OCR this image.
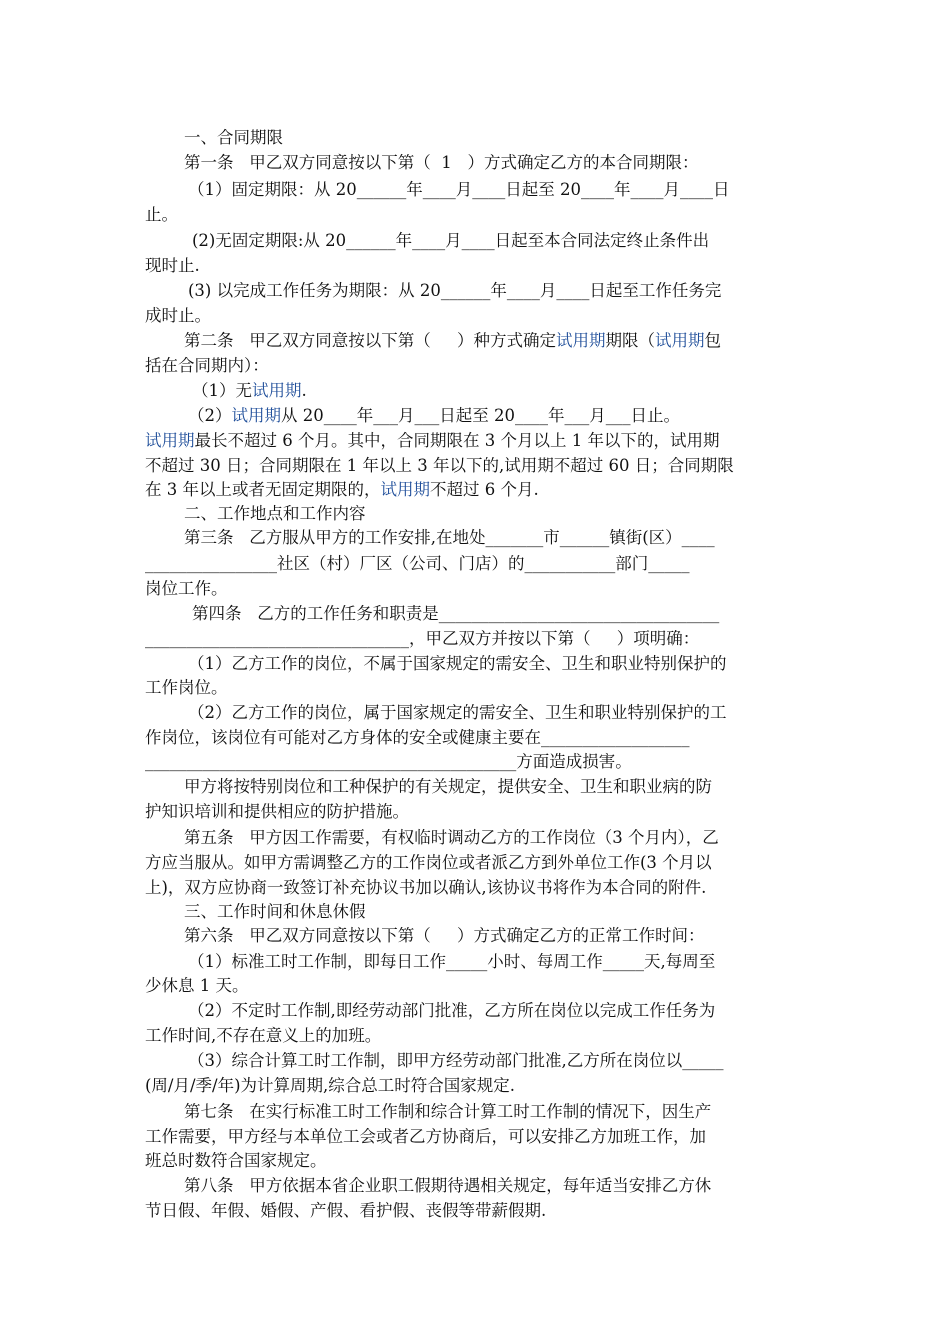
一、合同期限
第一条   甲乙双方同意按以下第（  1   ）方式确定乙方的本合同期限：
（1）固定期限：从 20______年____月____日起至 20____年____月____日
止。
(2)无固定期限:从 20______年____月____日起至本合同法定终止条件出
现时止.
(3) 以完成工作任务为期限：从 20______年____月____日起至工作任务完
成时止。
第二条   甲乙双方同意按以下第（     ）种方式确定试用期期限（试用期包
括在合同期内）：
（1）无试用期.
（2）试用期从 20____年___月___日起至 20____年___月___日止。
试用期最长不超过 6 个月。其中，合同期限在 3 个月以上 1 年以下的，试用期
不超过 30 日；合同期限在 1 年以上 3 年以下的,试用期不超过 60 日；合同期限
在 3 年以上或者无固定期限的，试用期不超过 6 个月.
二、工作地点和工作内容
第三条   乙方服从甲方的工作安排,在地处_______市______镇街(区）____
________________社区（村）厂区（公司、门店）的___________部门_____
岗位工作。
第四条   乙方的工作任务和职责是__________________________________
________________________________，甲乙双方并按以下第（     ）项明确：
（1）乙方工作的岗位，不属于国家规定的需安全、卫生和职业特别保护的
工作岗位。
（2）乙方工作的岗位，属于国家规定的需安全、卫生和职业特别保护的工
作岗位，该岗位有可能对乙方身体的安全或健康主要在__________________
_____________________________________________方面造成损害。
甲方将按特别岗位和工种保护的有关规定，提供安全、卫生和职业病的防
护知识培训和提供相应的防护措施。
第五条   甲方因工作需要，有权临时调动乙方的工作岗位（3 个月内），乙
方应当服从。如甲方需调整乙方的工作岗位或者派乙方到外单位工作(3 个月以
上)，双方应协商一致签订补充协议书加以确认,该协议书将作为本合同的附件.
三、工作时间和休息休假
第六条   甲乙双方同意按以下第（     ）方式确定乙方的正常工作时间：
（1）标准工时工作制，即每日工作_____小时、每周工作_____天,每周至
少休息 1 天。
（2）不定时工作制,即经劳动部门批准，乙方所在岗位以完成工作任务为
工作时间,不存在意义上的加班。
（3）综合计算工时工作制，即甲方经劳动部门批准,乙方所在岗位以_____
(周/月/季/年)为计算周期,综合总工时符合国家规定.
第七条   在实行标准工时工作制和综合计算工时工作制的情况下，因生产
工作需要，甲方经与本单位工会或者乙方协商后，可以安排乙方加班工作，加
班总时数符合国家规定。
第八条   甲方依据本省企业职工假期待遇相关规定，每年适当安排乙方休
节日假、年假、婚假、产假、看护假、丧假等带薪假期.
